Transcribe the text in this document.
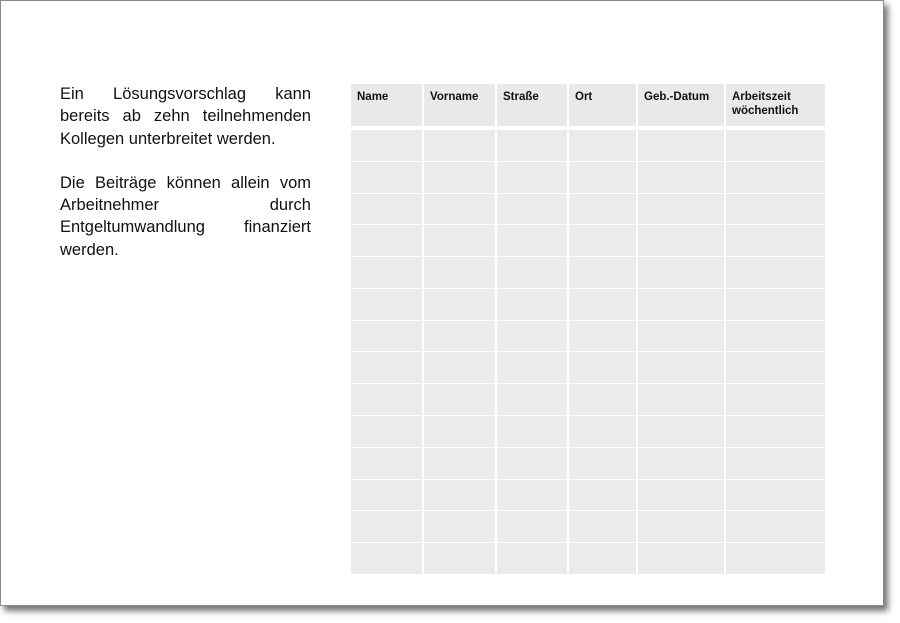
Ein Lösungsvorschlag kann bereits ab zehn teilnehmenden Kollegen unterbreitet werden.

Die Beiträge können allein vom Arbeitnehmer durch Entgeltumwandlung finanziert werden.

Name	Vorname	Straße	Ort	Geb.-Datum	Arbeitszeit wöchentlich
